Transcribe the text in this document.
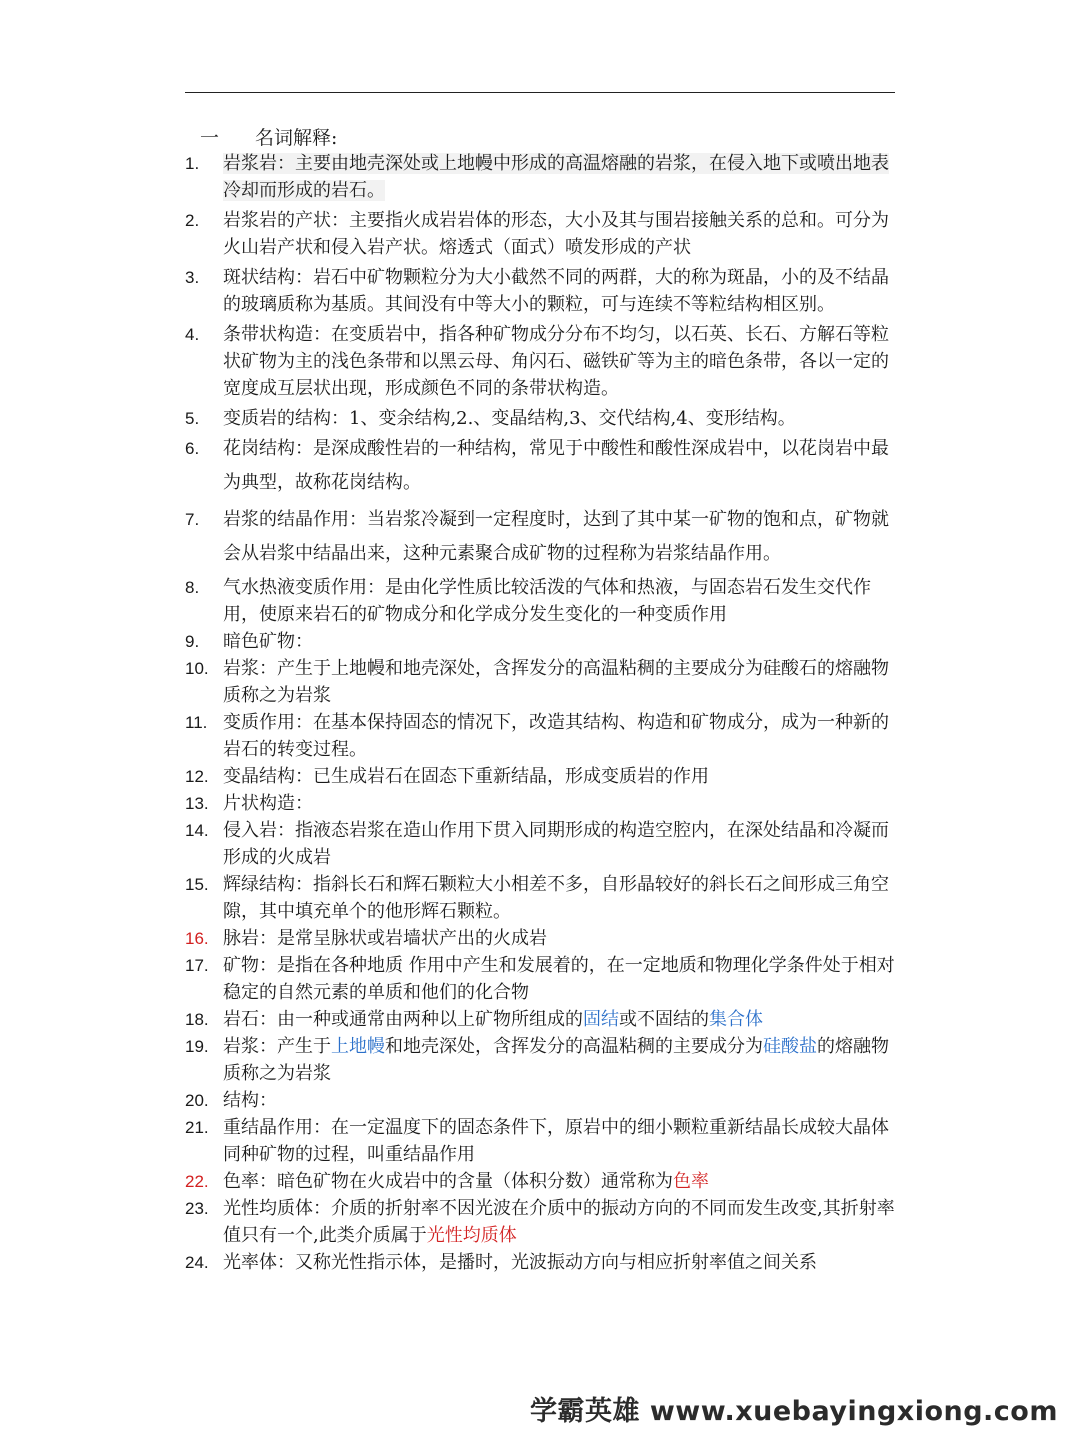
一 名词解释:
1. 岩浆岩：主要由地壳深处或上地幔中形成的高温熔融的岩浆，在侵入地下或喷出地表冷却而形成的岩石。
2. 岩浆岩的产状：主要指火成岩岩体的形态，大小及其与围岩接触关系的总和。可分为火山岩产状和侵入岩产状。熔透式（面式）喷发形成的产状
3. 斑状结构：岩石中矿物颗粒分为大小截然不同的两群，大的称为斑晶，小的及不结晶的玻璃质称为基质。其间没有中等大小的颗粒，可与连续不等粒结构相区别。
4. 条带状构造：在变质岩中，指各种矿物成分分布不均匀，以石英、长石、方解石等粒状矿物为主的浅色条带和以黑云母、角闪石、磁铁矿等为主的暗色条带，各以一定的宽度成互层状出现，形成颜色不同的条带状构造。
5. 变质岩的结构：1、变余结构,2.、变晶结构,3、交代结构,4、变形结构。
6. 花岗结构：是深成酸性岩的一种结构，常见于中酸性和酸性深成岩中，以花岗岩中最为典型，故称花岗结构。
7. 岩浆的结晶作用：当岩浆冷凝到一定程度时，达到了其中某一矿物的饱和点，矿物就会从岩浆中结晶出来，这种元素聚合成矿物的过程称为岩浆结晶作用。
8. 气水热液变质作用：是由化学性质比较活泼的气体和热液，与固态岩石发生交代作用，使原来岩石的矿物成分和化学成分发生变化的一种变质作用
9. 暗色矿物：
10. 岩浆：产生于上地幔和地壳深处，含挥发分的高温粘稠的主要成分为硅酸石的熔融物质称之为岩浆
11. 变质作用：在基本保持固态的情况下，改造其结构、构造和矿物成分，成为一种新的岩石的转变过程。
12. 变晶结构：已生成岩石在固态下重新结晶，形成变质岩的作用
13. 片状构造：
14. 侵入岩：指液态岩浆在造山作用下贯入同期形成的构造空腔内，在深处结晶和冷凝而形成的火成岩
15. 辉绿结构：指斜长石和辉石颗粒大小相差不多，自形晶较好的斜长石之间形成三角空隙，其中填充单个的他形辉石颗粒。
16. 脉岩：是常呈脉状或岩墙状产出的火成岩
17. 矿物：是指在各种地质 作用中产生和发展着的，在一定地质和物理化学条件处于相对稳定的自然元素的单质和他们的化合物
18. 岩石：由一种或通常由两种以上矿物所组成的固结或不固结的集合体
19. 岩浆：产生于上地幔和地壳深处，含挥发分的高温粘稠的主要成分为硅酸盐的熔融物质称之为岩浆
20. 结构：
21. 重结晶作用：在一定温度下的固态条件下，原岩中的细小颗粒重新结晶长成较大晶体同种矿物的过程，叫重结晶作用
22. 色率：暗色矿物在火成岩中的含量（体积分数）通常称为色率
23. 光性均质体：介质的折射率不因光波在介质中的振动方向的不同而发生改变,其折射率值只有一个,此类介质属于光性均质体
24. 光率体：又称光性指示体，是播时，光波振动方向与相应折射率值之间关系
学霸英雄 www.xuebayingxiong.com
